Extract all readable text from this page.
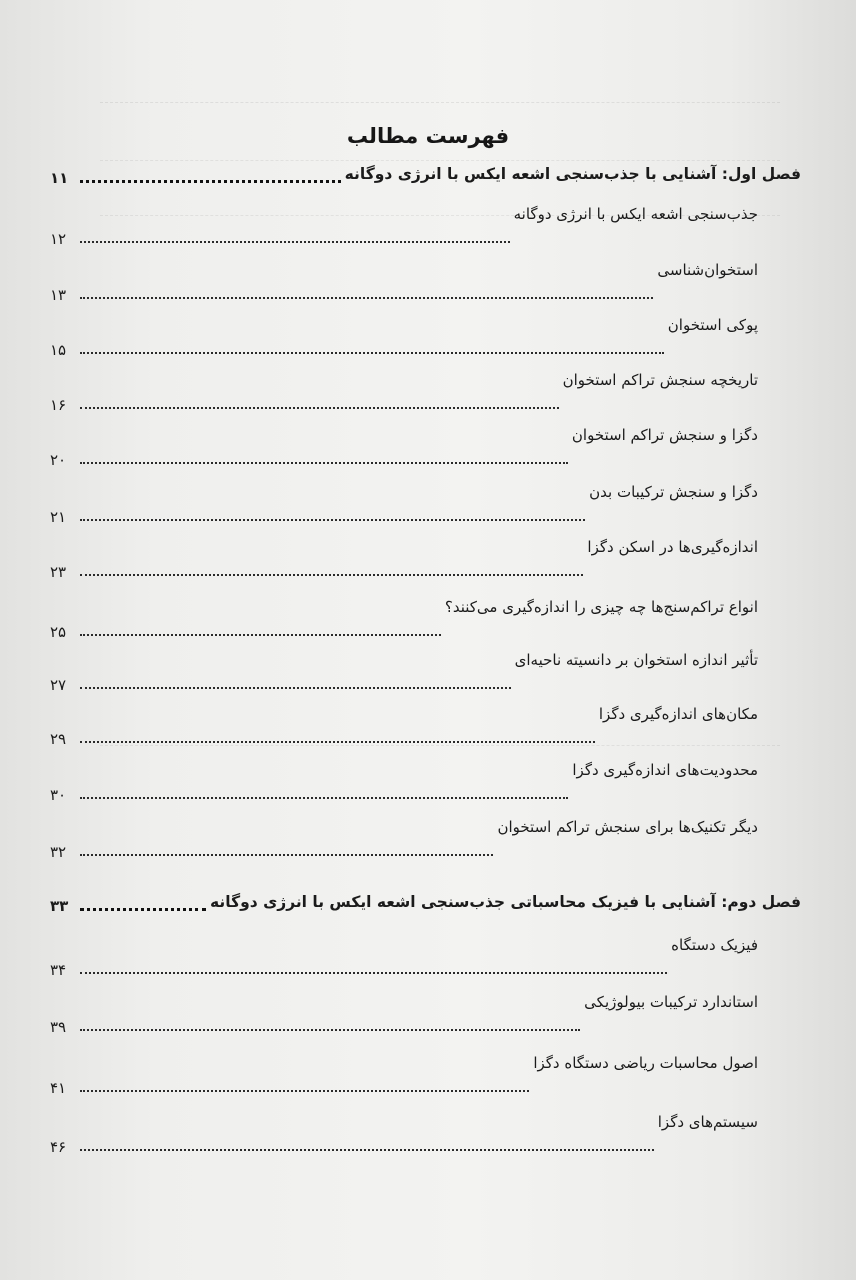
فهرست مطالب
فصل اول: آشنایی با جذب‌سنجی اشعه ایکس با انرژی دوگانه
۱۱
جذب‌سنجی اشعه ایکس با انرژی دوگانه
۱۲
استخوان‌شناسی
۱۳
پوکی استخوان
۱۵
تاریخچه سنجش تراکم استخوان
۱۶
دگزا و سنجش تراکم استخوان
۲۰
دگزا و سنجش ترکیبات بدن
۲۱
اندازه‌گیری‌ها در اسکن دگزا
۲۳
انواع تراکم‌سنج‌ها چه چیزی را اندازه‌گیری می‌کنند؟
۲۵
تأثیر اندازه استخوان بر دانسیته ناحیه‌ای
۲۷
مکان‌های اندازه‌گیری دگزا
۲۹
محدودیت‌های اندازه‌گیری دگزا
۳۰
دیگر تکنیک‌ها برای سنجش تراکم استخوان
۳۲
فصل دوم: آشنایی با فیزیک محاسباتی جذب‌سنجی اشعه ایکس با انرژی دوگانه
۳۳
فیزیک دستگاه
۳۴
استاندارد ترکیبات بیولوژیکی
۳۹
اصول محاسبات ریاضی دستگاه دگزا
۴۱
سیستم‌های دگزا
۴۶
